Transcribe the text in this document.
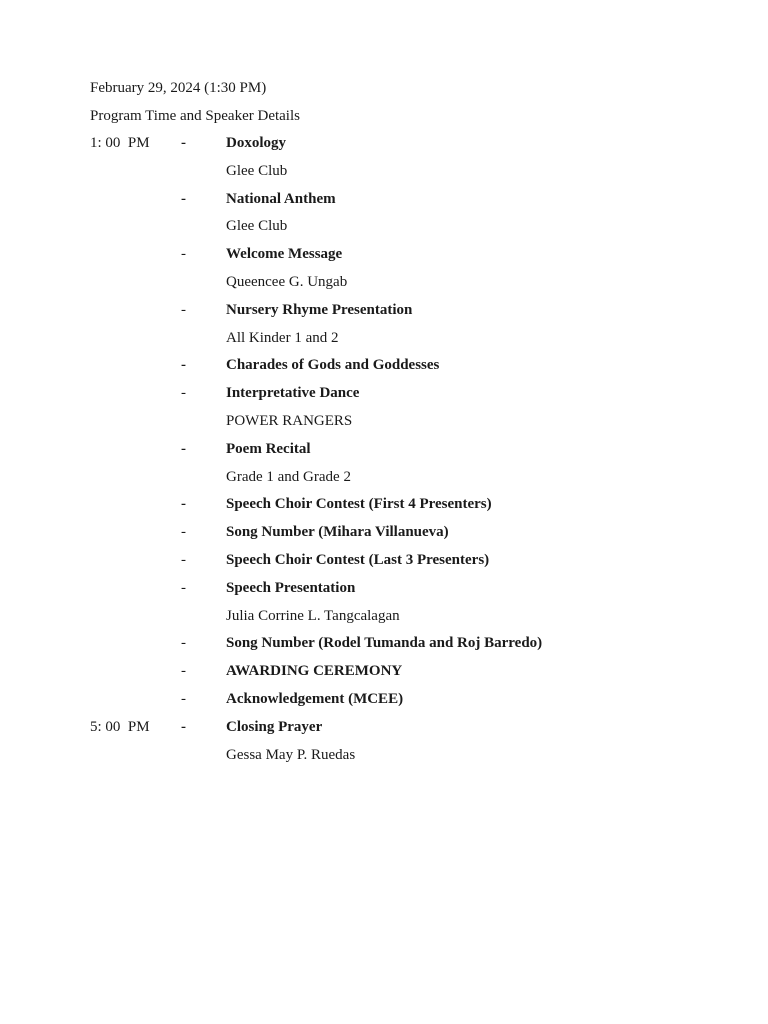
February 29, 2024 (1:30 PM)
Program Time and Speaker Details
1: 00  PM -	Doxology
Glee Club
-	National Anthem
Glee Club
-	Welcome Message
Queencee G. Ungab
-	Nursery Rhyme Presentation
All Kinder 1 and 2
-	Charades of Gods and Goddesses
-	Interpretative Dance
POWER RANGERS
-	Poem Recital
Grade 1 and Grade 2
-	Speech Choir Contest (First 4 Presenters)
-	Song Number (Mihara Villanueva)
-	Speech Choir Contest (Last 3 Presenters)
-	Speech Presentation
Julia Corrine L. Tangcalagan
-	Song Number (Rodel Tumanda and Roj Barredo)
-	AWARDING CEREMONY
-	Acknowledgement (MCEE)
5: 00  PM -	Closing Prayer
Gessa May P. Ruedas
